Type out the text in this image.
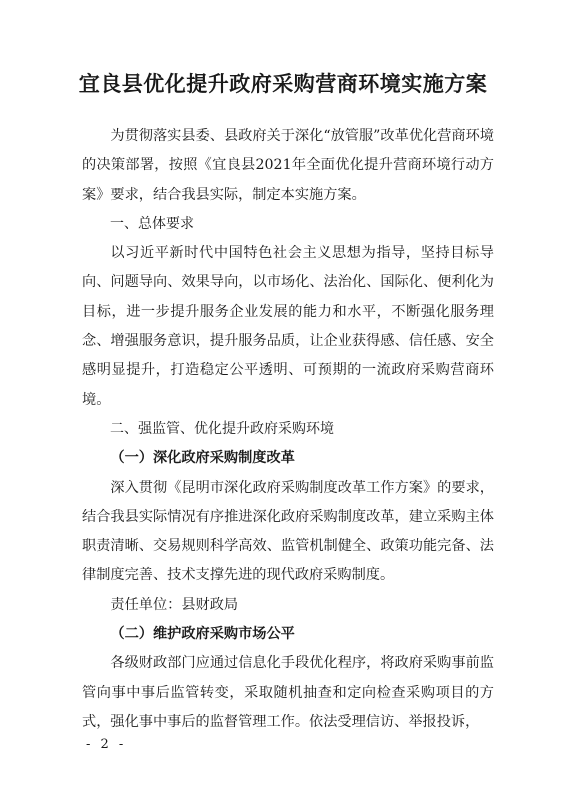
宜良县优化提升政府采购营商环境实施方案

为贯彻落实县委、县政府关于深化“放管服”改革优化营商环境的决策部署，按照《宜良县2021年全面优化提升营商环境行动方案》要求，结合我县实际，制定本实施方案。

一、总体要求

以习近平新时代中国特色社会主义思想为指导，坚持目标导向、问题导向、效果导向，以市场化、法治化、国际化、便利化为目标，进一步提升服务企业发展的能力和水平，不断强化服务理念、增强服务意识，提升服务品质，让企业获得感、信任感、安全感明显提升，打造稳定公平透明、可预期的一流政府采购营商环境。

二、强监管、优化提升政府采购环境

（一）深化政府采购制度改革

深入贯彻《昆明市深化政府采购制度改革工作方案》的要求，结合我县实际情况有序推进深化政府采购制度改革，建立采购主体职责清晰、交易规则科学高效、监管机制健全、政策功能完备、法律制度完善、技术支撑先进的现代政府采购制度。

责任单位：县财政局

（二）维护政府采购市场公平

各级财政部门应通过信息化手段优化程序，将政府采购事前监管向事中事后监管转变，采取随机抽查和定向检查采购项目的方式，强化事中事后的监督管理工作。依法受理信访、举报投诉，

- 2 -
